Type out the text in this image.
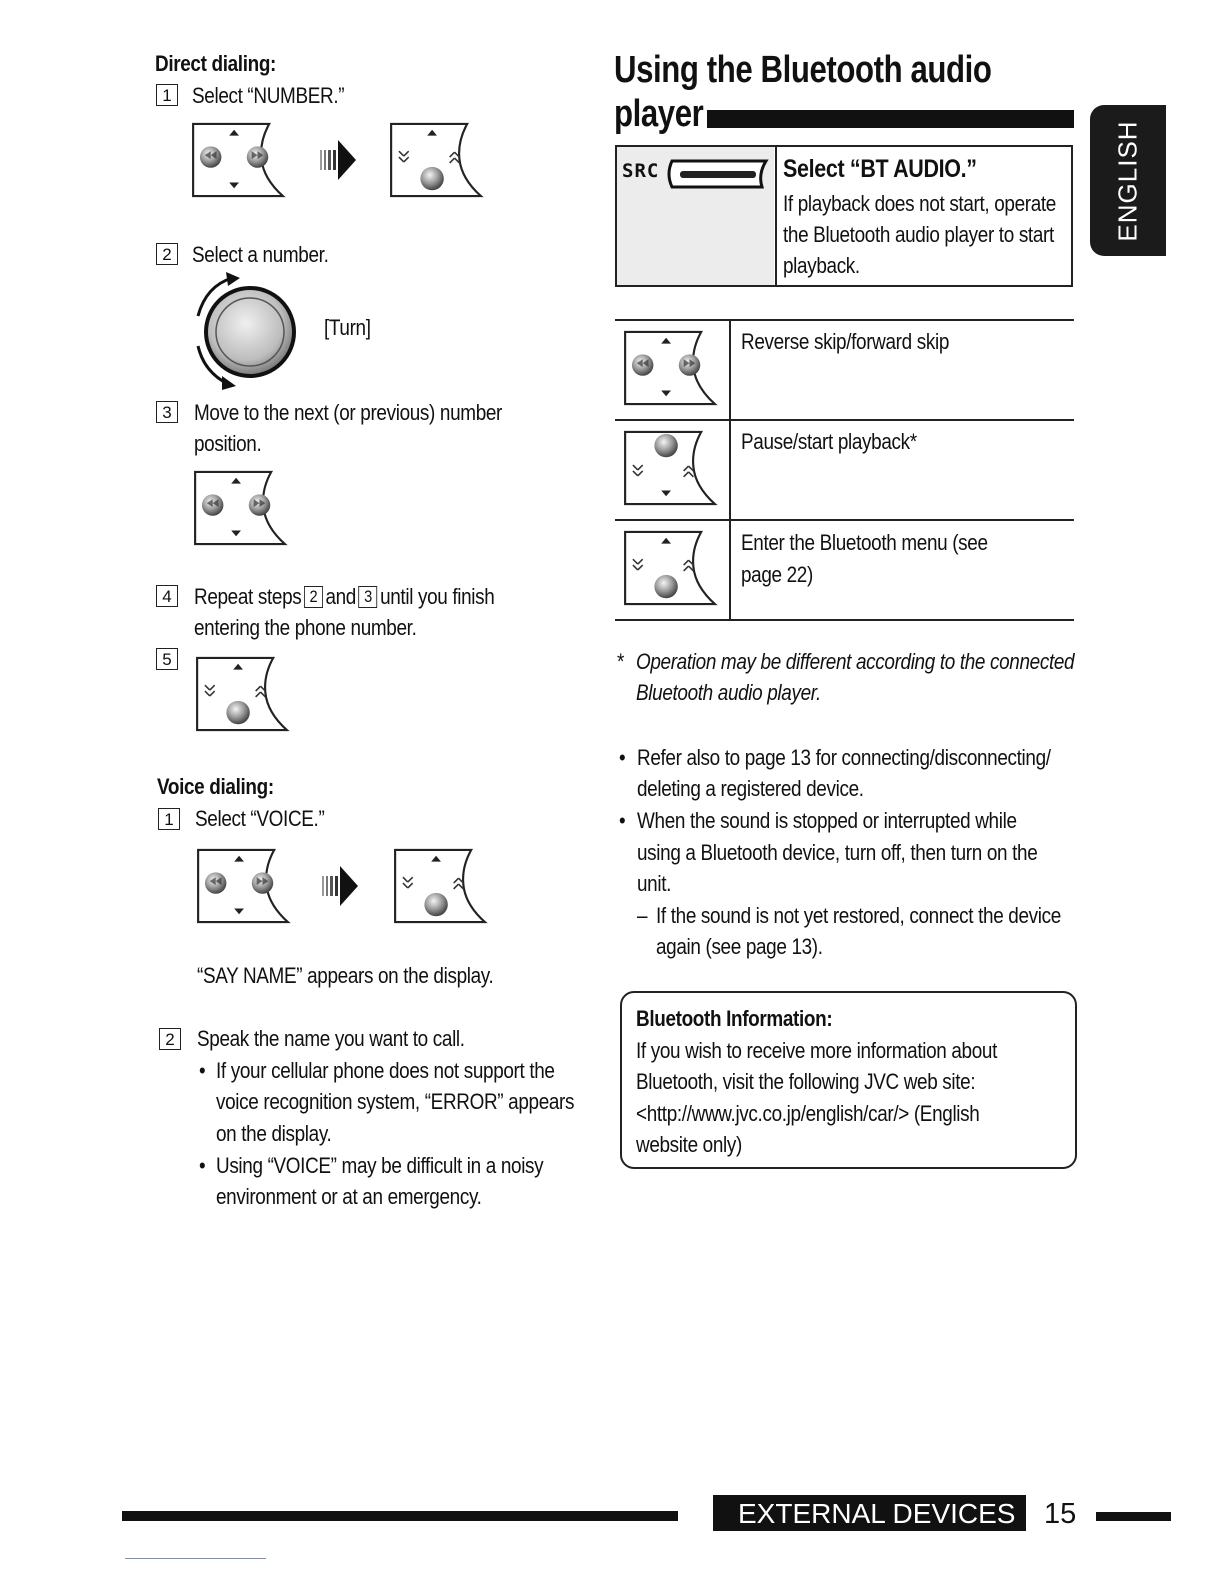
Direct dialing:
1 Select “NUMBER.”
2 Select a number.
[Turn]
3 Move to the next (or previous) number
position.
4 Repeat steps 2 and 3 until you finish
entering the phone number.
5
Voice dialing:
1 Select “VOICE.”
“SAY NAME” appears on the display.
2 Speak the name you want to call.
• If your cellular phone does not support the
voice recognition system, “ERROR” appears
on the display.
• Using “VOICE” may be difficult in a noisy
environment or at an emergency.
Using the Bluetooth audio
player
SRC	Select “BT AUDIO.”
If playback does not start, operate
the Bluetooth audio player to start
playback.
Reverse skip/forward skip
Pause/start playback*
Enter the Bluetooth menu (see
page 22)
* Operation may be different according to the connected
Bluetooth audio player.
• Refer also to page 13 for connecting/disconnecting/
deleting a registered device.
• When the sound is stopped or interrupted while
using a Bluetooth device, turn off, then turn on the
unit.
– If the sound is not yet restored, connect the device
again (see page 13).
Bluetooth Information:
If you wish to receive more information about
Bluetooth, visit the following JVC web site:
<http://www.jvc.co.jp/english/car/> (English
website only)
ENGLISH
EXTERNAL DEVICES 15
